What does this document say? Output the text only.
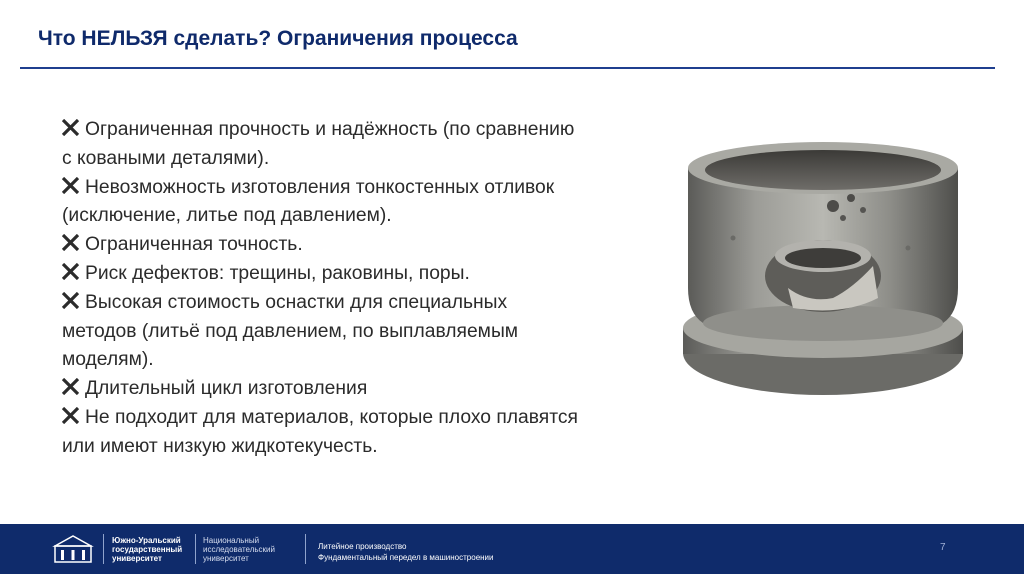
Что НЕЛЬЗЯ сделать? Ограничения процесса
Ограниченная прочность и надёжность (по сравнению с коваными деталями).
Невозможность изготовления тонкостенных отливок (исключение, литье под давлением).
Ограниченная точность.
Риск дефектов: трещины, раковины, поры.
Высокая стоимость оснастки для специальных методов (литьё под давлением, по выплавляемым моделям).
Длительный цикл изготовления
Не подходит для материалов, которые плохо плавятся или имеют низкую жидкотекучесть.
Южно-Уральский государственный университет
Национальный исследовательский университет
Литейное производство
Фундаментальный передел в машиностроении
7
